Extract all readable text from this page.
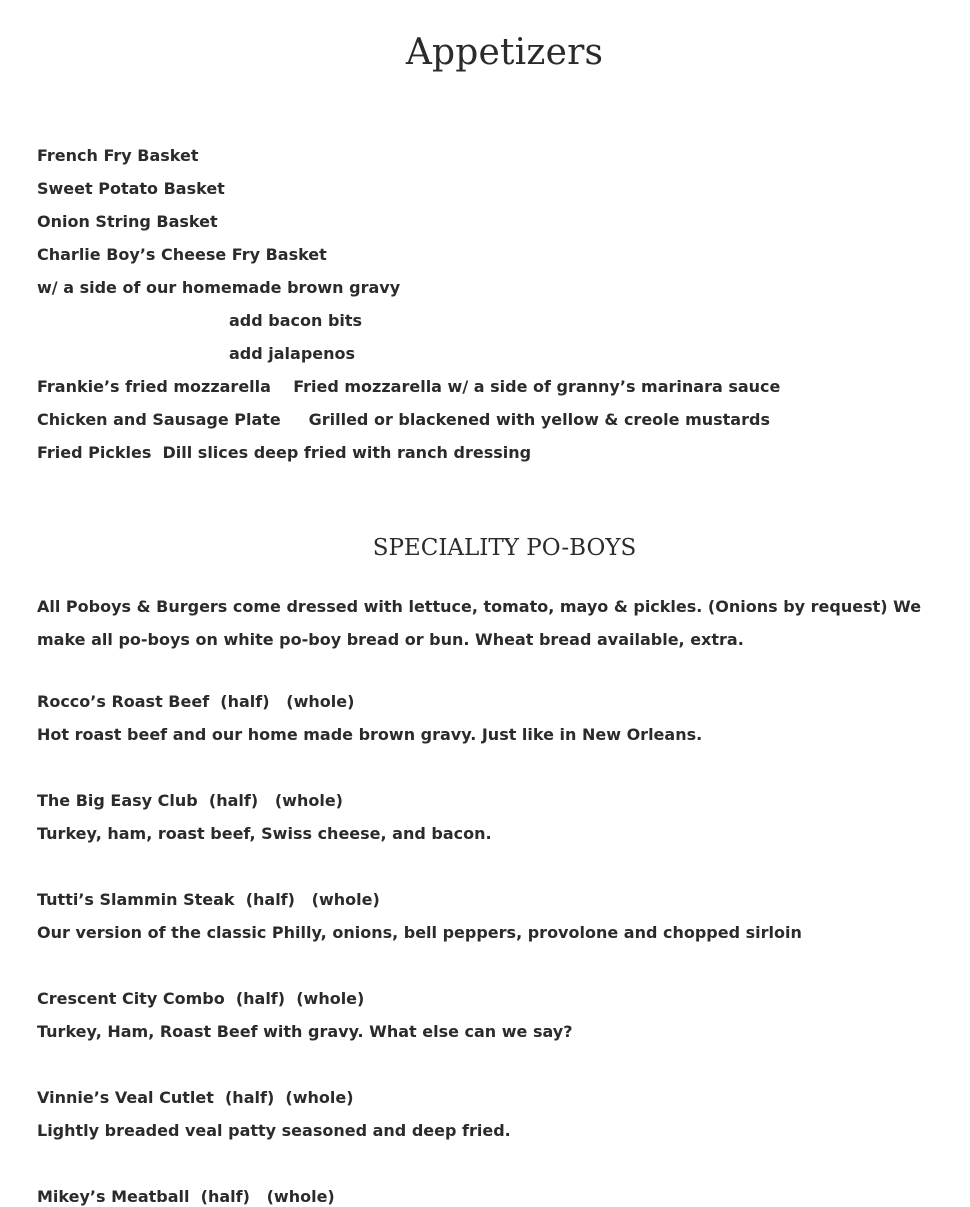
Appetizers
French Fry Basket
Sweet Potato Basket
Onion String Basket
Charlie Boy’s Cheese Fry Basket
w/ a side of our homemade brown gravy
add bacon bits
add jalapenos
Frankie’s fried mozzarella    Fried mozzarella w/ a side of granny’s marinara sauce
Chicken and Sausage Plate     Grilled or blackened with yellow & creole mustards
Fried Pickles  Dill slices deep fried with ranch dressing
SPECIALITY PO-BOYS
All Poboys & Burgers come dressed with lettuce, tomato, mayo & pickles. (Onions by request) We make all po-boys on white po-boy bread or bun. Wheat bread available, extra.
Rocco’s Roast Beef  (half)   (whole)
Hot roast beef and our home made brown gravy. Just like in New Orleans.
The Big Easy Club  (half)   (whole)
Turkey, ham, roast beef, Swiss cheese, and bacon.
Tutti’s Slammin Steak  (half)   (whole)
Our version of the classic Philly, onions, bell peppers, provolone and chopped sirloin
Crescent City Combo  (half)  (whole)
Turkey, Ham, Roast Beef with gravy. What else can we say?
Vinnie’s Veal Cutlet  (half)  (whole)
Lightly breaded veal patty seasoned and deep fried.
Mikey’s Meatball  (half)   (whole)
